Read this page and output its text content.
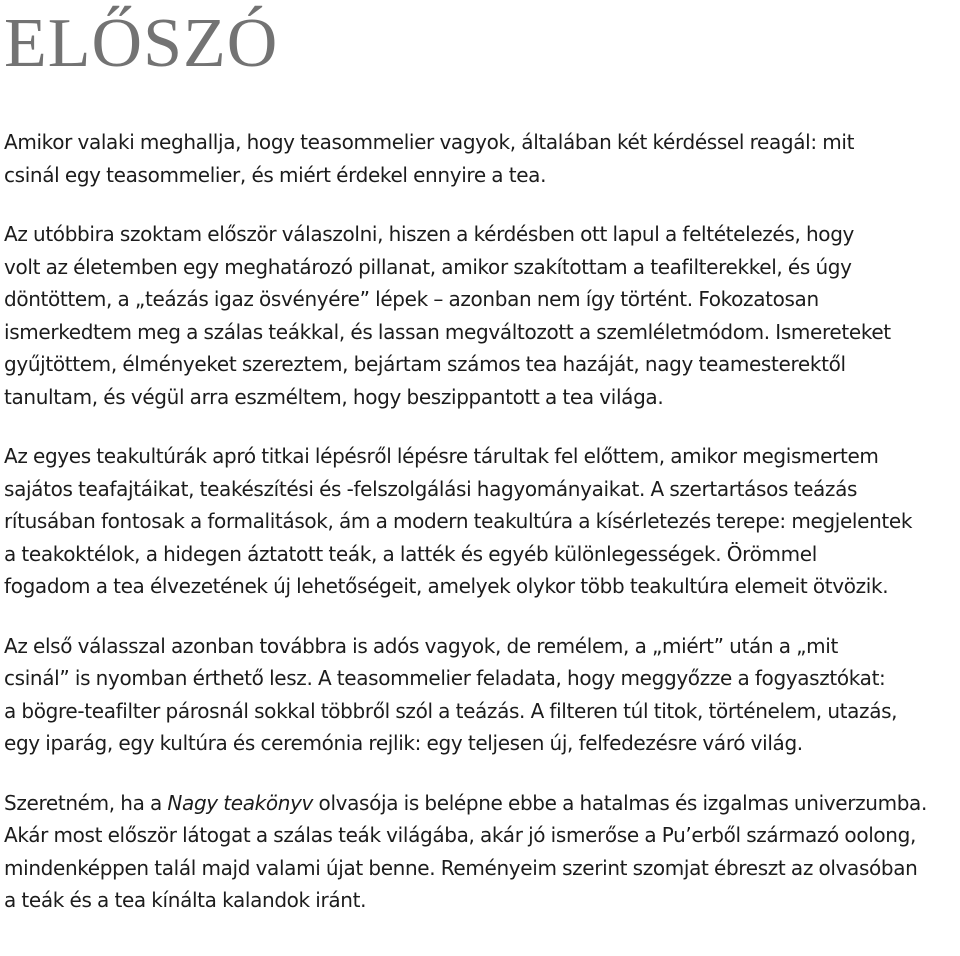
ELŐSZÓ

Amikor valaki meghallja, hogy teasommelier vagyok, általában két kérdéssel reagál: mit
csinál egy teasommelier, és miért érdekel ennyire a tea.

Az utóbbira szoktam először válaszolni, hiszen a kérdésben ott lapul a feltételezés, hogy
volt az életemben egy meghatározó pillanat, amikor szakítottam a teafilterekkel, és úgy
döntöttem, a „teázás igaz ösvényére” lépek – azonban nem így történt. Fokozatosan
ismerkedtem meg a szálas teákkal, és lassan megváltozott a szemléletmódom. Ismereteket
gyűjtöttem, élményeket szereztem, bejártam számos tea hazáját, nagy teamesterektől
tanultam, és végül arra eszméltem, hogy beszippantott a tea világa.

Az egyes teakultúrák apró titkai lépésről lépésre tárultak fel előttem, amikor megismertem
sajátos teafajtáikat, teakészítési és -felszolgálási hagyományaikat. A szertartásos teázás
rítusában fontosak a formalitások, ám a modern teakultúra a kísérletezés terepe: megjelentek
a teakoktélok, a hidegen áztatott teák, a latték és egyéb különlegességek. Örömmel
fogadom a tea élvezetének új lehetőségeit, amelyek olykor több teakultúra elemeit ötvözik.

Az első válasszal azonban továbbra is adós vagyok, de remélem, a „miért” után a „mit
csinál” is nyomban érthető lesz. A teasommelier feladata, hogy meggyőzze a fogyasztókat:
a bögre-teafilter párosnál sokkal többről szól a teázás. A filteren túl titok, történelem, utazás,
egy iparág, egy kultúra és ceremónia rejlik: egy teljesen új, felfedezésre váró világ.

Szeretném, ha a Nagy teakönyv olvasója is belépne ebbe a hatalmas és izgalmas univerzumba.
Akár most először látogat a szálas teák világába, akár jó ismerőse a Pu’erből származó oolong,
mindenképpen talál majd valami újat benne. Reményeim szerint szomjat ébreszt az olvasóban
a teák és a tea kínálta kalandok iránt.
